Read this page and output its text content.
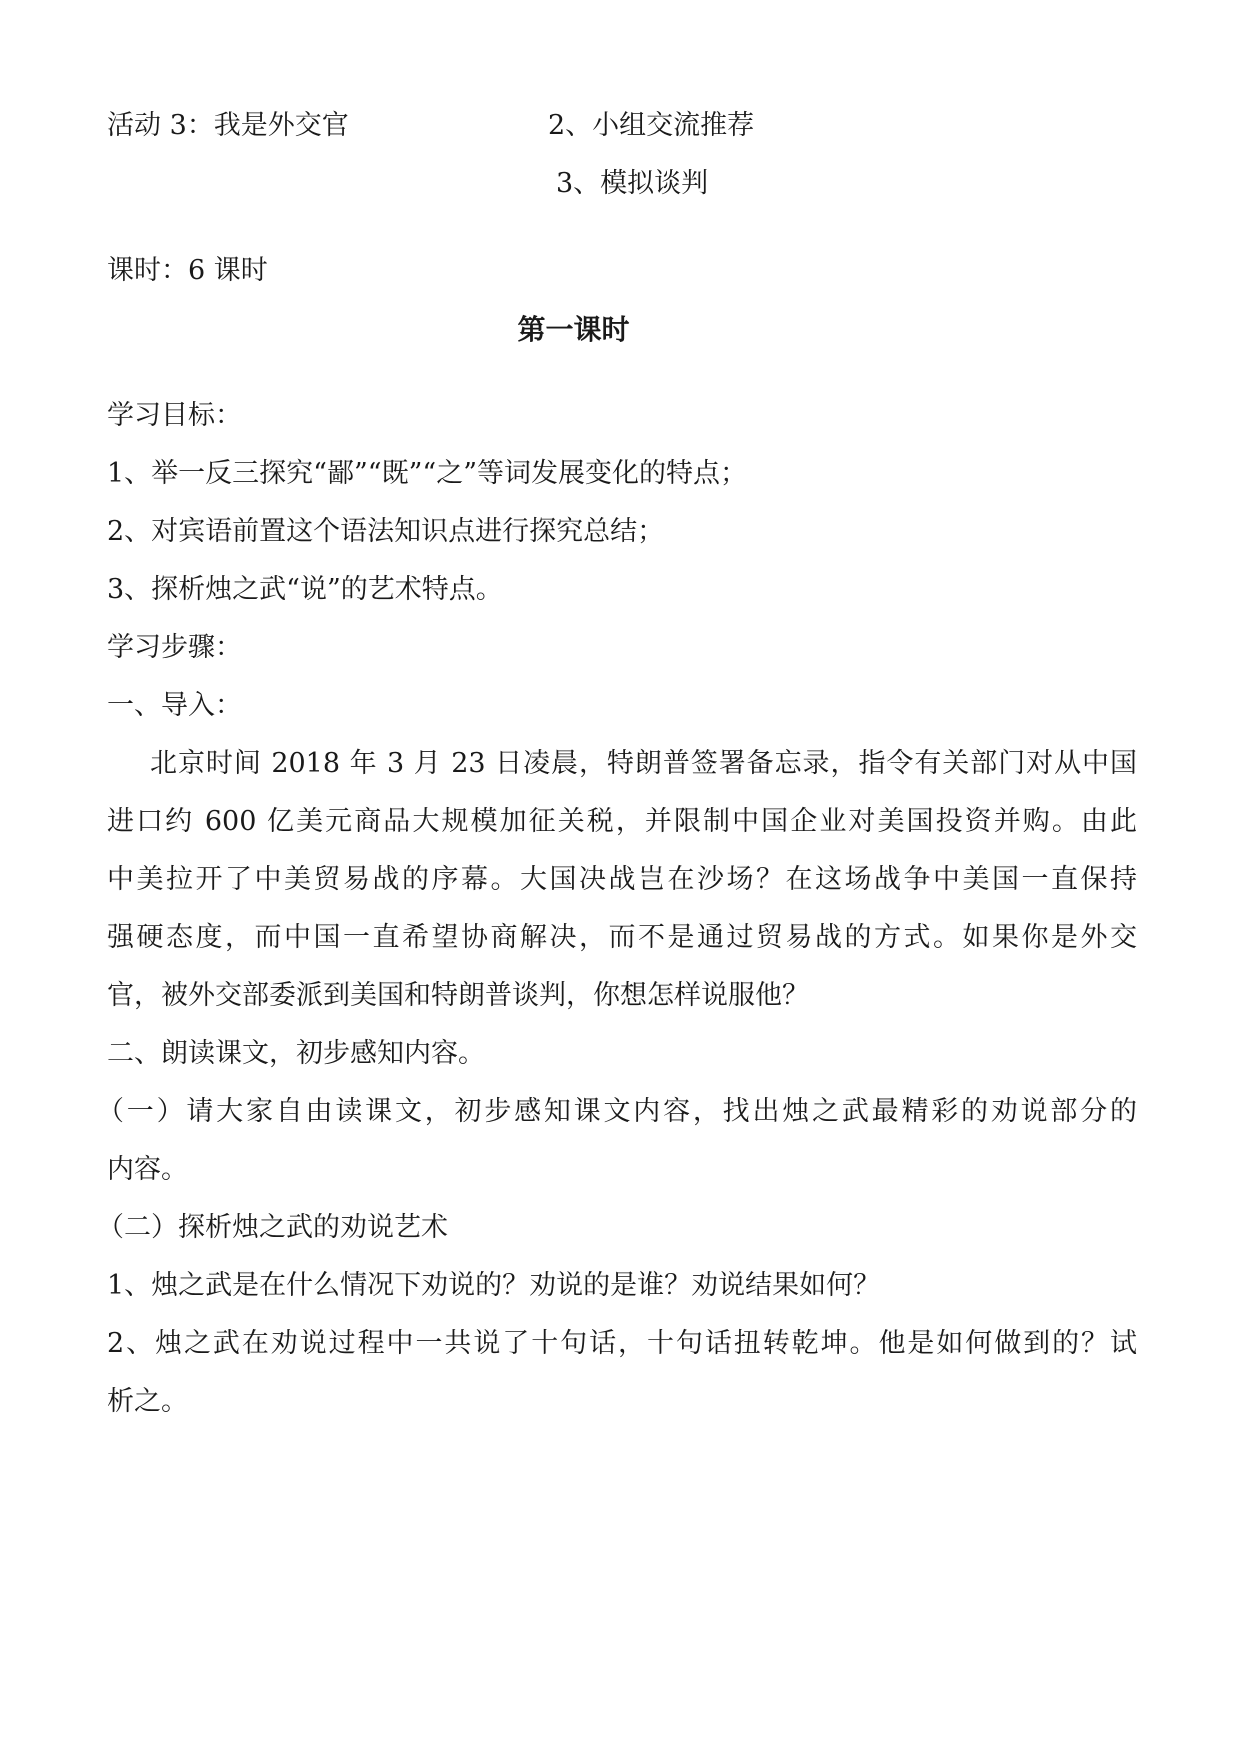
活动 3：我是外交官	2、小组交流推荐
3、模拟谈判
课时：6 课时
第一课时
学习目标：
1、举一反三探究“鄙”“既”“之”等词发展变化的特点；
2、对宾语前置这个语法知识点进行探究总结；
3、探析烛之武“说”的艺术特点。
学习步骤：
一、导入：
北京时间 2018 年 3 月 23 日凌晨，特朗普签署备忘录，指令有关部门对从中国
进口约 600 亿美元商品大规模加征关税，并限制中国企业对美国投资并购。由此
中美拉开了中美贸易战的序幕。大国决战岂在沙场？在这场战争中美国一直保持
强硬态度，而中国一直希望协商解决，而不是通过贸易战的方式。如果你是外交
官，被外交部委派到美国和特朗普谈判，你想怎样说服他？
二、朗读课文，初步感知内容。
（一）请大家自由读课文，初步感知课文内容，找出烛之武最精彩的劝说部分的
内容。
（二）探析烛之武的劝说艺术
1、烛之武是在什么情况下劝说的？劝说的是谁？劝说结果如何？
2、烛之武在劝说过程中一共说了十句话，十句话扭转乾坤。他是如何做到的？试
析之。
